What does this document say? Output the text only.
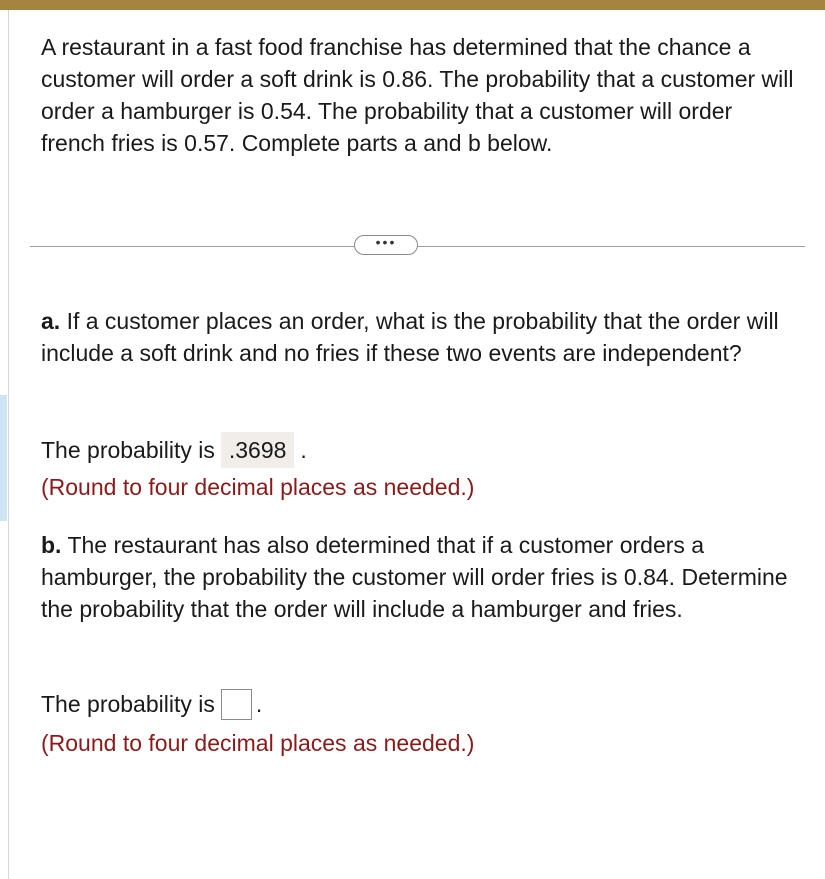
A restaurant in a fast food franchise has determined that the chance a customer will order a soft drink is 0.86. The probability that a customer will order a hamburger is 0.54. The probability that a customer will order french fries is 0.57. Complete parts a and b below.

•••

a. If a customer places an order, what is the probability that the order will include a soft drink and no fries if these two events are independent?

The probability is .3698 .
(Round to four decimal places as needed.)

b. The restaurant has also determined that if a customer orders a hamburger, the probability the customer will order fries is 0.84. Determine the probability that the order will include a hamburger and fries.

The probability is .
(Round to four decimal places as needed.)
